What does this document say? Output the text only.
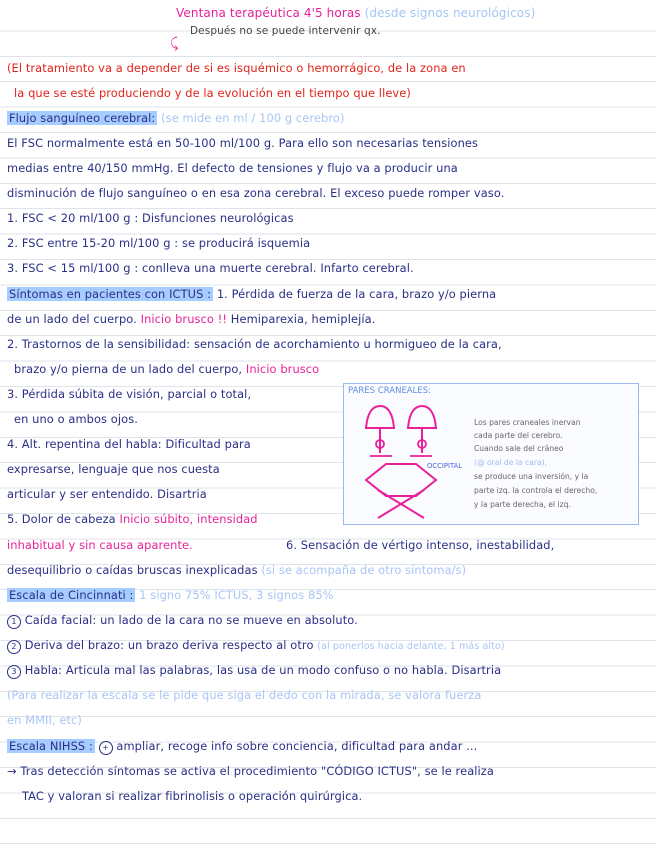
Ventana terapéutica 4'5 horas (desde signos neurológicos)
Después no se puede intervenir qx.
⤹
(El tratamiento va a depender de si es isquémico o hemorrágico, de la zona en
la que se esté produciendo y de la evolución en el tiempo que lleve)
Flujo sanguíneo cerebral: (se mide en ml / 100 g cerebro)
El FSC normalmente está en 50-100 ml/100 g. Para ello son necesarias tensiones
medias entre 40/150 mmHg. El defecto de tensiones y flujo va a producir una
disminución de flujo sanguíneo o en esa zona cerebral. El exceso puede romper vaso.
1. FSC < 20 ml/100 g : Disfunciones neurológicas
2. FSC entre 15-20 ml/100 g : se producirá isquemia
3. FSC < 15 ml/100 g : conlleva una muerte cerebral. Infarto cerebral.
Síntomas en pacientes con ICTUS : 1. Pérdida de fuerza de la cara, brazo y/o pierna
de un lado del cuerpo. Inicio brusco !! Hemiparexia, hemiplejía.
2. Trastornos de la sensibilidad: sensación de acorchamiento u hormigueo de la cara,
brazo y/o pierna de un lado del cuerpo, Inicio brusco
3. Pérdida súbita de visión, parcial o total,
en uno o ambos ojos.
4. Alt. repentina del habla: Dificultad para
expresarse, lenguaje que nos cuesta
articular y ser entendido. Disartria
5. Dolor de cabeza Inicio súbito, intensidad
inhabitual y sin causa aparente.	6. Sensación de vértigo intenso, inestabilidad,
desequilibrio o caídas bruscas inexplicadas (si se acompaña de otro síntoma/s)
PARES CRANEALES:
OCCIPITAL
Los pares craneales inervan
cada parte del cerebro.
Cuando sale del cráneo
(@ oral de la cara),
se produce una inversión, y la
parte izq. la controla el derecho,
y la parte derecha, el izq.
Escala de Cincinnati : 1 signo 75% ICTUS, 3 signos 85%
1 Caída facial: un lado de la cara no se mueve en absoluto.
2 Deriva del brazo: un brazo deriva respecto al otro (al ponerlos hacia delante, 1 más alto)
3 Habla: Articula mal las palabras, las usa de un modo confuso o no habla. Disartria
(Para realizar la escala se le pide que siga el dedo con la mirada, se valora fuerza
en MMII, etc)
Escala NIHSS : + ampliar, recoge info sobre conciencia, dificultad para andar ...
→ Tras detección síntomas se activa el procedimiento "CÓDIGO ICTUS", se le realiza
TAC y valoran si realizar fibrinolisis o operación quirúrgica.
